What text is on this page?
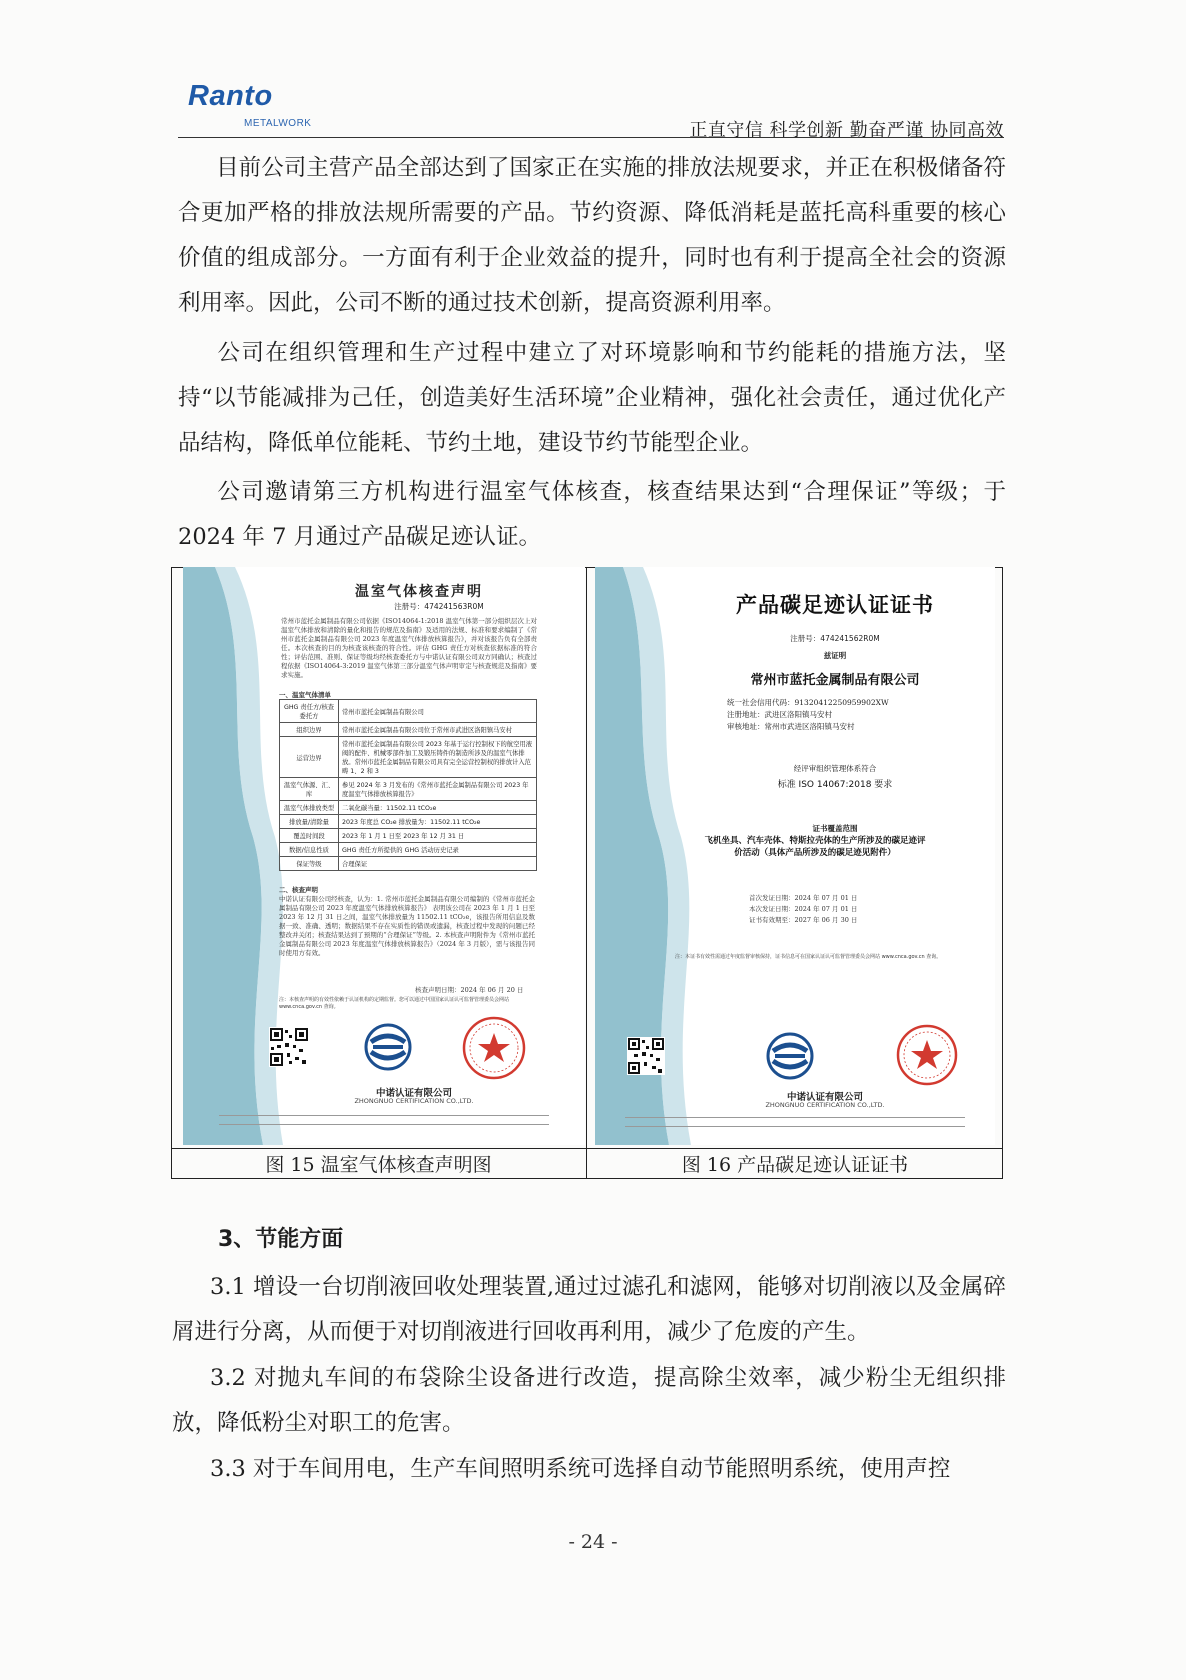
Ranto
METALWORK	正直守信 科学创新 勤奋严谨 协同高效
目前公司主营产品全部达到了国家正在实施的排放法规要求，并正在积极储备符合更加严格的排放法规所需要的产品。节约资源、降低消耗是蓝托高科重要的核心价值的组成部分。一方面有利于企业效益的提升，同时也有利于提高全社会的资源利用率。因此，公司不断的通过技术创新，提高资源利用率。
公司在组织管理和生产过程中建立了对环境影响和节约能耗的措施方法，坚持“以节能减排为己任，创造美好生活环境”企业精神，强化社会责任，通过优化产品结构，降低单位能耗、节约土地，建设节约节能型企业。
公司邀请第三方机构进行温室气体核查，核查结果达到“合理保证”等级；于2024 年 7 月通过产品碳足迹认证。
温室气体核查声明
注册号：474241563R0M
常州市蓝托金属制品有限公司依据《ISO14064-1:2018 温室气体第一部分组织层次上对温室气体排放和清除的量化和报告的规范及指南》及适用的法规、标准和要求编制了《常州市蓝托金属制品有限公司 2023 年度温室气体排放核算报告》，并对该报告负有全部责任。本次核查的目的为核查该核查的符合性。评估 GHG 责任方对核查依据标准的符合性；评估范围、准则、保证等级均经核查委托方与中诺认证有限公司双方同确认；核查过程依据《ISO14064-3:2019 温室气体第三部分温室气体声明审定与核查规范及指南》要求实施。
一、温室气体清单
GHG 责任方/核查委托方	常州市蓝托金属制品有限公司
组织边界	常州市蓝托金属制品有限公司位于常州市武进区洛阳镇马安村
运营边界	常州市蓝托金属制品有限公司 2023 年基于运行控制权下的航空用液阀的配件、机械零部件加工及锻压铸件的制造所涉及的温室气体排放。常州市蓝托金属制品有限公司具有完全运营控制权的排放计入范畴 1、2 和 3
温室气体源、汇、库	参见 2024 年 3 月发布的《常州市蓝托金属制品有限公司 2023 年度温室气体排放核算报告》
温室气体排放类型	二氧化碳当量：11502.11 tCO₂e
排放量/清除量	2023 年度总 CO₂e 排放量为：11502.11 tCO₂e
覆盖时间段	2023 年 1 月 1 日至 2023 年 12 月 31 日
数据/信息性质	GHG 责任方所提供的 GHG 活动历史记录
保证等级	合理保证
二、核查声明
中诺认证有限公司经核查，认为：1. 常州市蓝托金属制品有限公司编制的《常州市蓝托金属制品有限公司 2023 年度温室气体排放核算报告》 表明该公司在 2023 年 1 月 1 日至 2023 年 12 月 31 日之间，温室气体排放量为 11502.11 tCO₂e，该报告所用信息及数据一致、准确、透明；数据结果不存在实质性的错误或遗漏，核查过程中发现的问题已经整改并关闭；核查结果达到了预期的“合理保证”等级。2. 本核查声明附件为《常州市蓝托金属制品有限公司 2023 年度温室气体排放核算报告》（2024 年 3 月版），需与该报告同时使用方有效。
核查声明日期：2024 年 06 月 20 日
注：本核查声明的有效性依赖于认证机构的定期监督。您可以通过中国国家认证认可监督管理委员会网站 www.cnca.gov.cn 查询。
中诺认证有限公司
ZHONGNUO CERTIFICATION CO.,LTD.
产品碳足迹认证证书
注册号：474241562R0M
兹证明
常州市蓝托金属制品有限公司
统一社会信用代码：91320412250959902XW
注册地址：武进区洛阳镇马安村
审核地址：常州市武进区洛阳镇马安村
经评审组织管理体系符合
标准 ISO 14067:2018 要求
证书覆盖范围
飞机坐具、汽车壳体、特斯拉壳体的生产所涉及的碳足迹评价活动（具体产品所涉及的碳足迹见附件）
首次发证日期：2024 年 07 月 01 日
本次发证日期：2024 年 07 月 01 日
证书有效期至：2027 年 06 月 30 日
注：本证书有效性需通过年度监督审核保持，证书信息可在国家认证认可监督管理委员会网站 www.cnca.gov.cn 查询。
中诺认证有限公司
ZHONGNUO CERTIFICATION CO.,LTD.
图 15 温室气体核查声明图	图 16 产品碳足迹认证证书
3、节能方面
3.1 增设一台切削液回收处理装置,通过过滤孔和滤网，能够对切削液以及金属碎屑进行分离，从而便于对切削液进行回收再利用，减少了危废的产生。
3.2 对抛丸车间的布袋除尘设备进行改造，提高除尘效率，减少粉尘无组织排放，降低粉尘对职工的危害。
3.3 对于车间用电，生产车间照明系统可选择自动节能照明系统，使用声控
- 24 -
